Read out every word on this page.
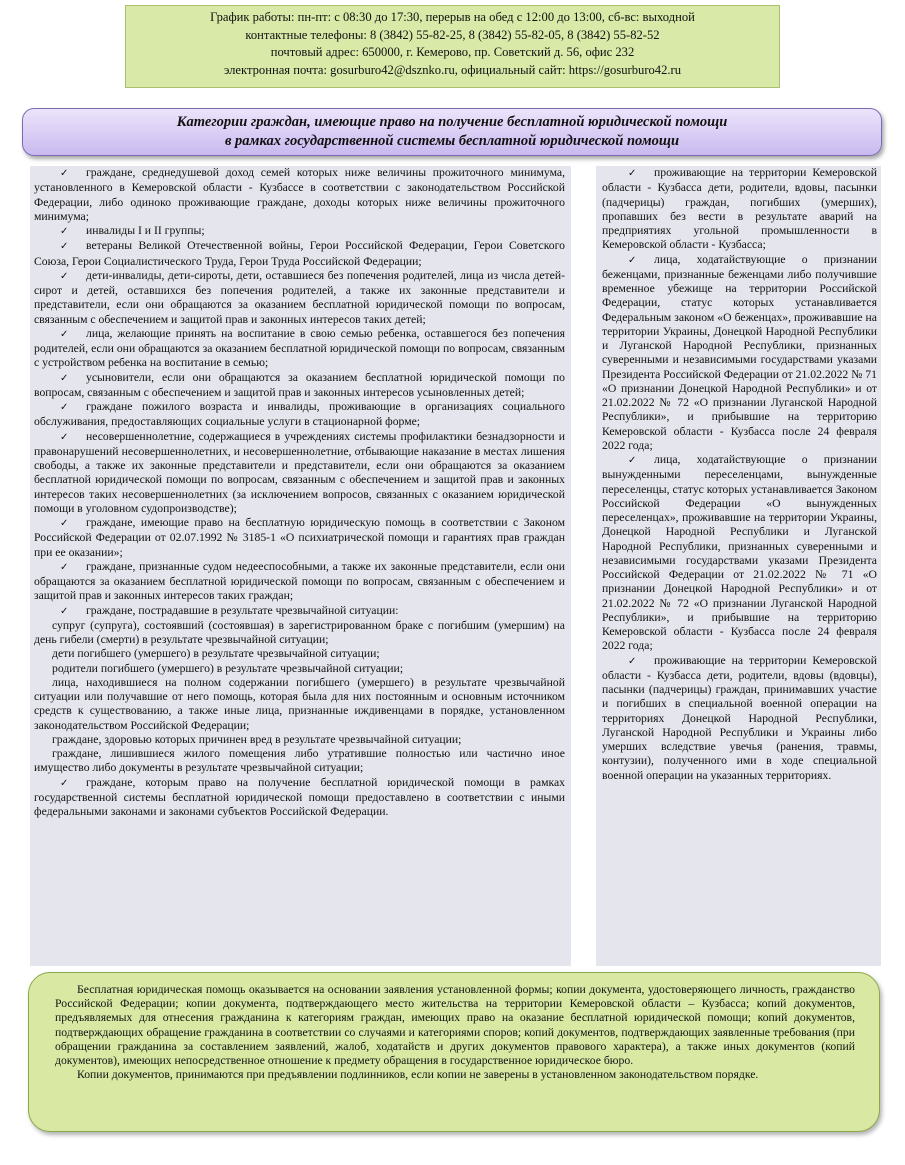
График работы: пн-пт: с 08:30 до 17:30, перерыв на обед с 12:00 до 13:00, сб-вс: выходной
контактные телефоны: 8 (3842) 55-82-25, 8 (3842) 55-82-05, 8 (3842) 55-82-52
почтовый адрес: 650000, г. Кемерово, пр. Советский д. 56, офис 232
электронная почта: gosurburo42@dsznko.ru, официальный сайт: https://gosurburo42.ru
Категории граждан, имеющие право на получение бесплатной юридической помощи
в рамках государственной системы бесплатной юридической помощи

✓ граждане, среднедушевой доход семей которых ниже величины прожиточного минимума, установленного в Кемеровской области - Кузбассе в соответствии с законодательством Российской Федерации, либо одиноко проживающие граждане, доходы которых ниже величины прожиточного минимума;

✓ инвалиды I и II группы;

✓ ветераны Великой Отечественной войны, Герои Российской Федерации, Герои Советского Союза, Герои Социалистического Труда, Герои Труда Российской Федерации;

✓ дети-инвалиды, дети-сироты, дети, оставшиеся без попечения родителей, лица из числа детей-сирот и детей, оставшихся без попечения родителей, а также их законные представители и представители, если они обращаются за оказанием бесплатной юридической помощи по вопросам, связанным с обеспечением и защитой прав и законных интересов таких детей;

✓ лица, желающие принять на воспитание в свою семью ребенка, оставшегося без попечения родителей, если они обращаются за оказанием бесплатной юридической помощи по вопросам, связанным с устройством ребенка на воспитание в семью;

✓ усыновители, если они обращаются за оказанием бесплатной юридической помощи по вопросам, связанным с обеспечением и защитой прав и законных интересов усыновленных детей;

✓ граждане пожилого возраста и инвалиды, проживающие в организациях социального обслуживания, предоставляющих социальные услуги в стационарной форме;

✓ несовершеннолетние, содержащиеся в учреждениях системы профилактики безнадзорности и правонарушений несовершеннолетних, и несовершеннолетние, отбывающие наказание в местах лишения свободы, а также их законные представители и представители, если они обращаются за оказанием бесплатной юридической помощи по вопросам, связанным с обеспечением и защитой прав и законных интересов таких несовершеннолетних (за исключением вопросов, связанных с оказанием юридической помощи в уголовном судопроизводстве);

✓ граждане, имеющие право на бесплатную юридическую помощь в соответствии с Законом Российской Федерации от 02.07.1992 № 3185-1 «О психиатрической помощи и гарантиях прав граждан при ее оказании»;

✓ граждане, признанные судом недееспособными, а также их законные представители, если они обращаются за оказанием бесплатной юридической помощи по вопросам, связанным с обеспечением и защитой прав и законных интересов таких граждан;

✓ граждане, пострадавшие в результате чрезвычайной ситуации:

супруг (супруга), состоявший (состоявшая) в зарегистрированном браке с погибшим (умершим) на день гибели (смерти) в результате чрезвычайной ситуации;

дети погибшего (умершего) в результате чрезвычайной ситуации;

родители погибшего (умершего) в результате чрезвычайной ситуации;

лица, находившиеся на полном содержании погибшего (умершего) в результате чрезвычайной ситуации или получавшие от него помощь, которая была для них постоянным и основным источником средств к существованию, а также иные лица, признанные иждивенцами в порядке, установленном законодательством Российской Федерации;

граждане, здоровью которых причинен вред в результате чрезвычайной ситуации;

граждане, лишившиеся жилого помещения либо утратившие полностью или частично иное имущество либо документы в результате чрезвычайной ситуации;

✓ граждане, которым право на получение бесплатной юридической помощи в рамках государственной системы бесплатной юридической помощи предоставлено в соответствии с иными федеральными законами и законами субъектов Российской Федерации.

✓ проживающие на территории Кемеровской области - Кузбасса дети, родители, вдовы, пасынки (падчерицы) граждан, погибших (умерших), пропавших без вести в результате аварий на предприятиях угольной промышленности в Кемеровской области - Кузбасса;

✓ лица, ходатайствующие о признании беженцами, признанные беженцами либо получившие временное убежище на территории Российской Федерации, статус которых устанавливается Федеральным законом «О беженцах», проживавшие на территории Украины, Донецкой Народной Республики и Луганской Народной Республики, признанных суверенными и независимыми государствами указами Президента Российской Федерации от 21.02.2022 № 71 «О признании Донецкой Народной Республики» и от 21.02.2022 № 72 «О признании Луганской Народной Республики», и прибывшие на территорию Кемеровской области - Кузбасса после 24 февраля 2022 года;

✓ лица, ходатайствующие о признании вынужденными переселенцами, вынужденные переселенцы, статус которых устанавливается Законом Российской Федерации «О вынужденных переселенцах», проживавшие на территории Украины, Донецкой Народной Республики и Луганской Народной Республики, признанных суверенными и независимыми государствами указами Президента Российской Федерации от 21.02.2022 № 71 «О признании Донецкой Народной Республики» и от 21.02.2022 № 72 «О признании Луганской Народной Республики», и прибывшие на территорию Кемеровской области - Кузбасса после 24 февраля 2022 года;

✓ проживающие на территории Кемеровской области - Кузбасса дети, родители, вдовы (вдовцы), пасынки (падчерицы) граждан, принимавших участие и погибших в специальной военной операции на территориях Донецкой Народной Республики, Луганской Народной Республики и Украины либо умерших вследствие увечья (ранения, травмы, контузии), полученного ими в ходе специальной военной операции на указанных территориях.

Бесплатная юридическая помощь оказывается на основании заявления установленной формы; копии документа, удостоверяющего личность, гражданство Российской Федерации; копии документа, подтверждающего место жительства на территории Кемеровской области – Кузбасса; копий документов, предъявляемых для отнесения гражданина к категориям граждан, имеющих право на оказание бесплатной юридической помощи; копий документов, подтверждающих обращение гражданина в соответствии со случаями и категориями споров; копий документов, подтверждающих заявленные требования (при обращении гражданина за составлением заявлений, жалоб, ходатайств и других документов правового характера), а также иных документов (копий документов), имеющих непосредственное отношение к предмету обращения в государственное юридическое бюро.

Копии документов, принимаются при предъявлении подлинников, если копии не заверены в установленном законодательством порядке.
